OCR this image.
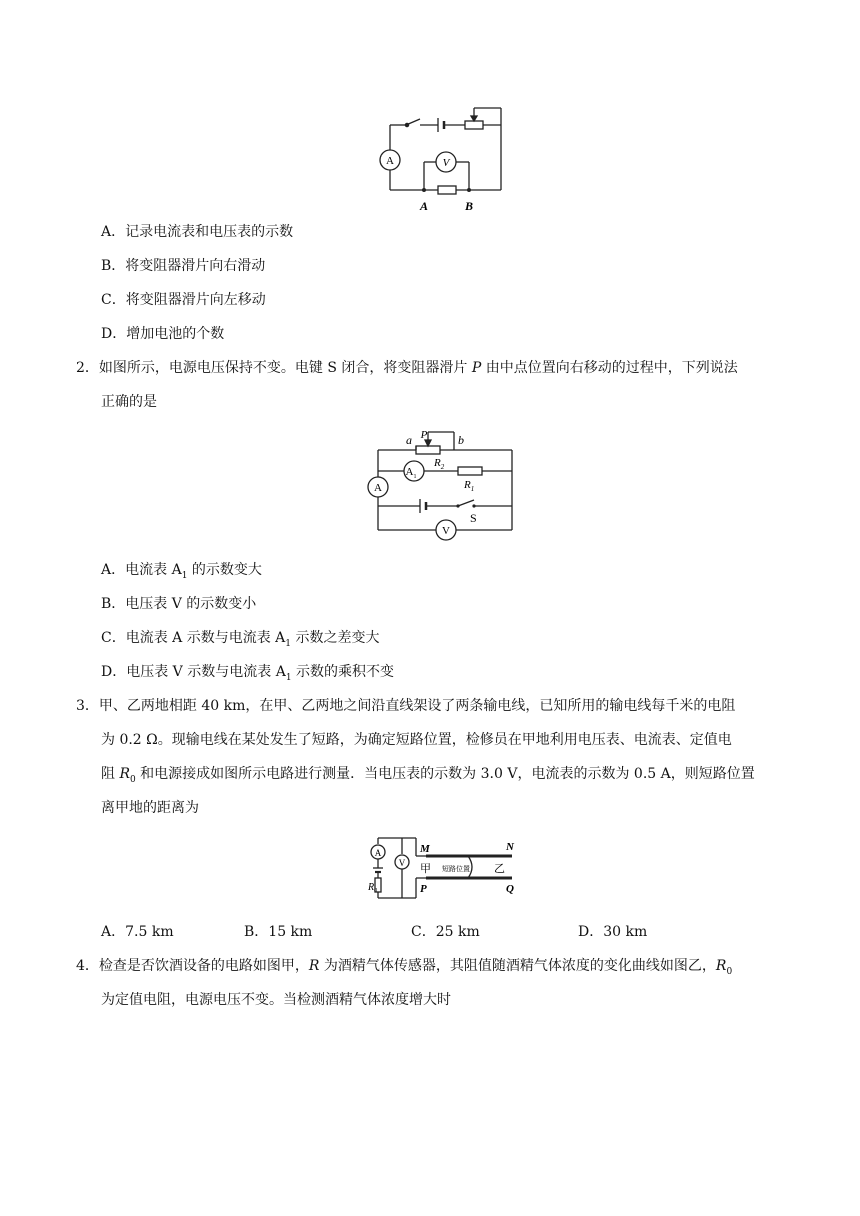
A	V
A	B
A．记录电流表和电压表的示数
B．将变阻器滑片向右滑动
C．将变阻器滑片向左移动
D．增加电池的个数
2．如图所示，电源电压保持不变。电键 S 闭合，将变阻器滑片 P 由中点位置向右移动的过程中，下列说法
正确的是
a P	b
$R_2$
$R_1$
$A_1$
A
V
S
A．电流表 $A_1$ 的示数变大
B．电压表 V 的示数变小
C．电流表 A 示数与电流表 $A_1$ 示数之差变大
D．电压表 V 示数与电流表 $A_1$ 示数的乘积不变
3．甲、乙两地相距 40 km，在甲、乙两地之间沿直线架设了两条输电线，已知所用的输电线每千米的电阻
为 0.2 Ω。现输电线在某处发生了短路，为确定短路位置，检修员在甲地利用电压表、电流表、定值电
阻 $R_0$ 和电源接成如图所示电路进行测量．当电压表的示数为 3.0 V，电流表的示数为 0.5 A，则短路位置
离甲地的距离为
A
V
$R_0$
M	N
P	Q
甲 短路位置 乙
A．7.5 km	B．15 km	C．25 km	D．30 km
4．检查是否饮酒设备的电路如图甲，R 为酒精气体传感器，其阻值随酒精气体浓度的变化曲线如图乙，$R_0$
为定值电阻，电源电压不变。当检测酒精气体浓度增大时
